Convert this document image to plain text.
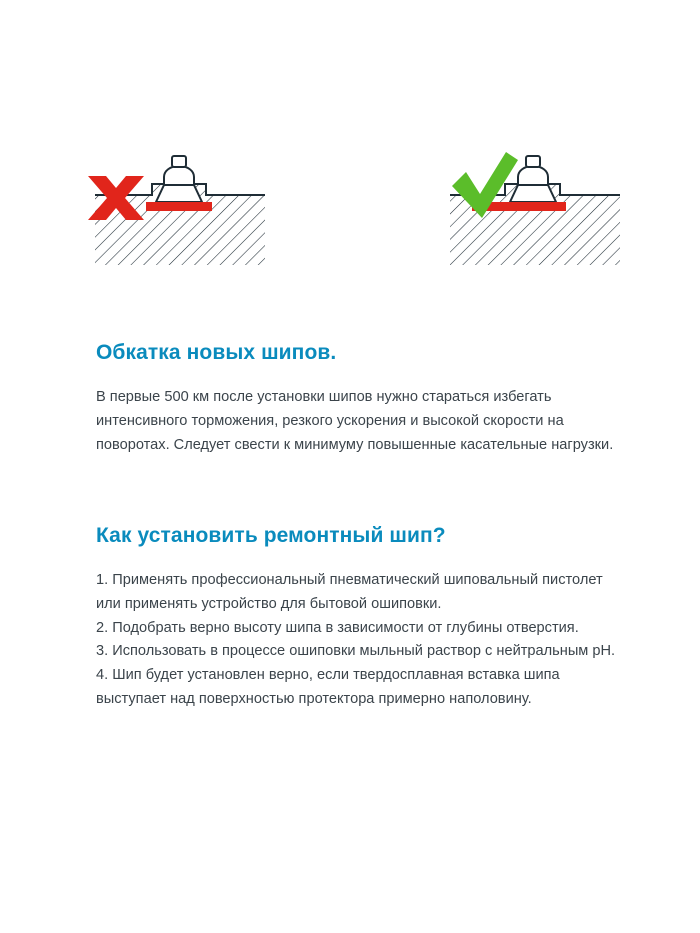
Обкатка новых шипов.

В первые 500 км после установки шипов нужно стараться избегать интенсивного торможения, резкого ускорения и высокой скорости на поворотах. Следует свести к минимуму повышенные касательные нагрузки.

Как установить ремонтный шип?

1. Применять профессиональный пневматический шиповальный пистолет или применять устройство для бытовой ошиповки.

2. Подобрать верно высоту шипа в зависимости от глубины отверстия.

3. Использовать в процессе ошиповки мыльный раствор с нейтральным pH.

4. Шип будет установлен верно, если твердосплавная вставка шипа выступает над поверхностью протектора примерно наполовину.
